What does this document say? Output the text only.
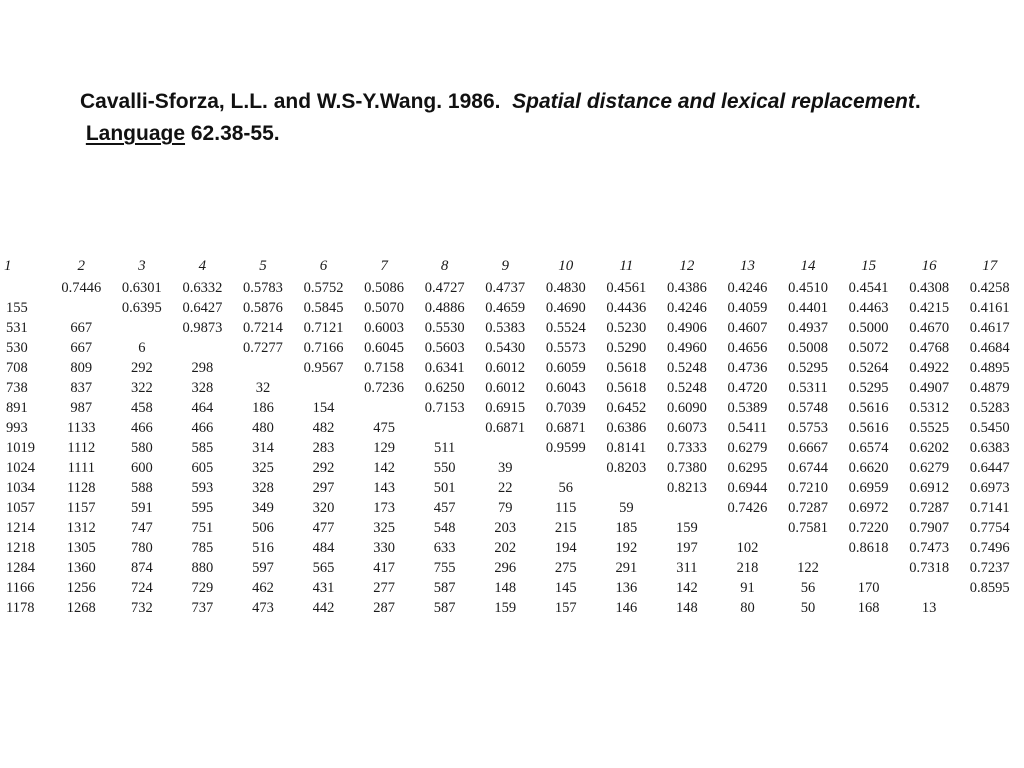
Cavalli-Sforza, L.L. and W.S-Y.Wang. 1986. Spatial distance and lexical replacement.  Language 62.38-55.
1	2	3	4	5	6	7	8	9	10	11	12	13	14	15	16	17
	0.7446	0.6301	0.6332	0.5783	0.5752	0.5086	0.4727	0.4737	0.4830	0.4561	0.4386	0.4246	0.4510	0.4541	0.4308	0.4258
155		0.6395	0.6427	0.5876	0.5845	0.5070	0.4886	0.4659	0.4690	0.4436	0.4246	0.4059	0.4401	0.4463	0.4215	0.4161
531	667		0.9873	0.7214	0.7121	0.6003	0.5530	0.5383	0.5524	0.5230	0.4906	0.4607	0.4937	0.5000	0.4670	0.4617
530	667	6		0.7277	0.7166	0.6045	0.5603	0.5430	0.5573	0.5290	0.4960	0.4656	0.5008	0.5072	0.4768	0.4684
708	809	292	298		0.9567	0.7158	0.6341	0.6012	0.6059	0.5618	0.5248	0.4736	0.5295	0.5264	0.4922	0.4895
738	837	322	328	32		0.7236	0.6250	0.6012	0.6043	0.5618	0.5248	0.4720	0.5311	0.5295	0.4907	0.4879
891	987	458	464	186	154		0.7153	0.6915	0.7039	0.6452	0.6090	0.5389	0.5748	0.5616	0.5312	0.5283
993	1133	466	466	480	482	475		0.6871	0.6871	0.6386	0.6073	0.5411	0.5753	0.5616	0.5525	0.5450
1019	1112	580	585	314	283	129	511		0.9599	0.8141	0.7333	0.6279	0.6667	0.6574	0.6202	0.6383
1024	1111	600	605	325	292	142	550	39		0.8203	0.7380	0.6295	0.6744	0.6620	0.6279	0.6447
1034	1128	588	593	328	297	143	501	22	56		0.8213	0.6944	0.7210	0.6959	0.6912	0.6973
1057	1157	591	595	349	320	173	457	79	115	59		0.7426	0.7287	0.6972	0.7287	0.7141
1214	1312	747	751	506	477	325	548	203	215	185	159		0.7581	0.7220	0.7907	0.7754
1218	1305	780	785	516	484	330	633	202	194	192	197	102		0.8618	0.7473	0.7496
1284	1360	874	880	597	565	417	755	296	275	291	311	218	122		0.7318	0.7237
1166	1256	724	729	462	431	277	587	148	145	136	142	91	56	170		0.8595
1178	1268	732	737	473	442	287	587	159	157	146	148	80	50	168	13	
